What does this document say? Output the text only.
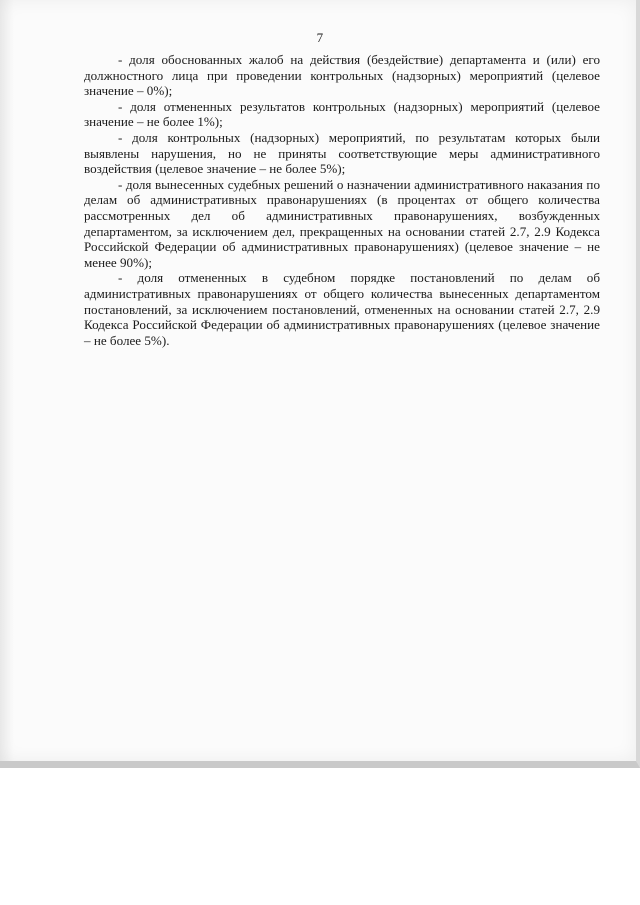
7

- доля обоснованных жалоб на действия (бездействие) департамента и (или) его должностного лица при проведении контрольных (надзорных) мероприятий (целевое значение – 0%);

- доля отмененных результатов контрольных (надзорных) мероприятий (целевое значение – не более 1%);

- доля контрольных (надзорных) мероприятий, по результатам которых были выявлены нарушения, но не приняты соответствующие меры административного воздействия (целевое значение – не более 5%);

- доля вынесенных судебных решений о назначении административного наказания по делам об административных правонарушениях (в процентах от общего количества рассмотренных дел об административных правонарушениях, возбужденных департаментом, за исключением дел, прекращенных на основании статей 2.7, 2.9 Кодекса Российской Федерации об административных правонарушениях) (целевое значение – не менее 90%);

- доля отмененных в судебном порядке постановлений по делам об административных правонарушениях от общего количества вынесенных департаментом постановлений, за исключением постановлений, отмененных на основании статей 2.7, 2.9 Кодекса Российской Федерации об административных правонарушениях (целевое значение – не более 5%).
